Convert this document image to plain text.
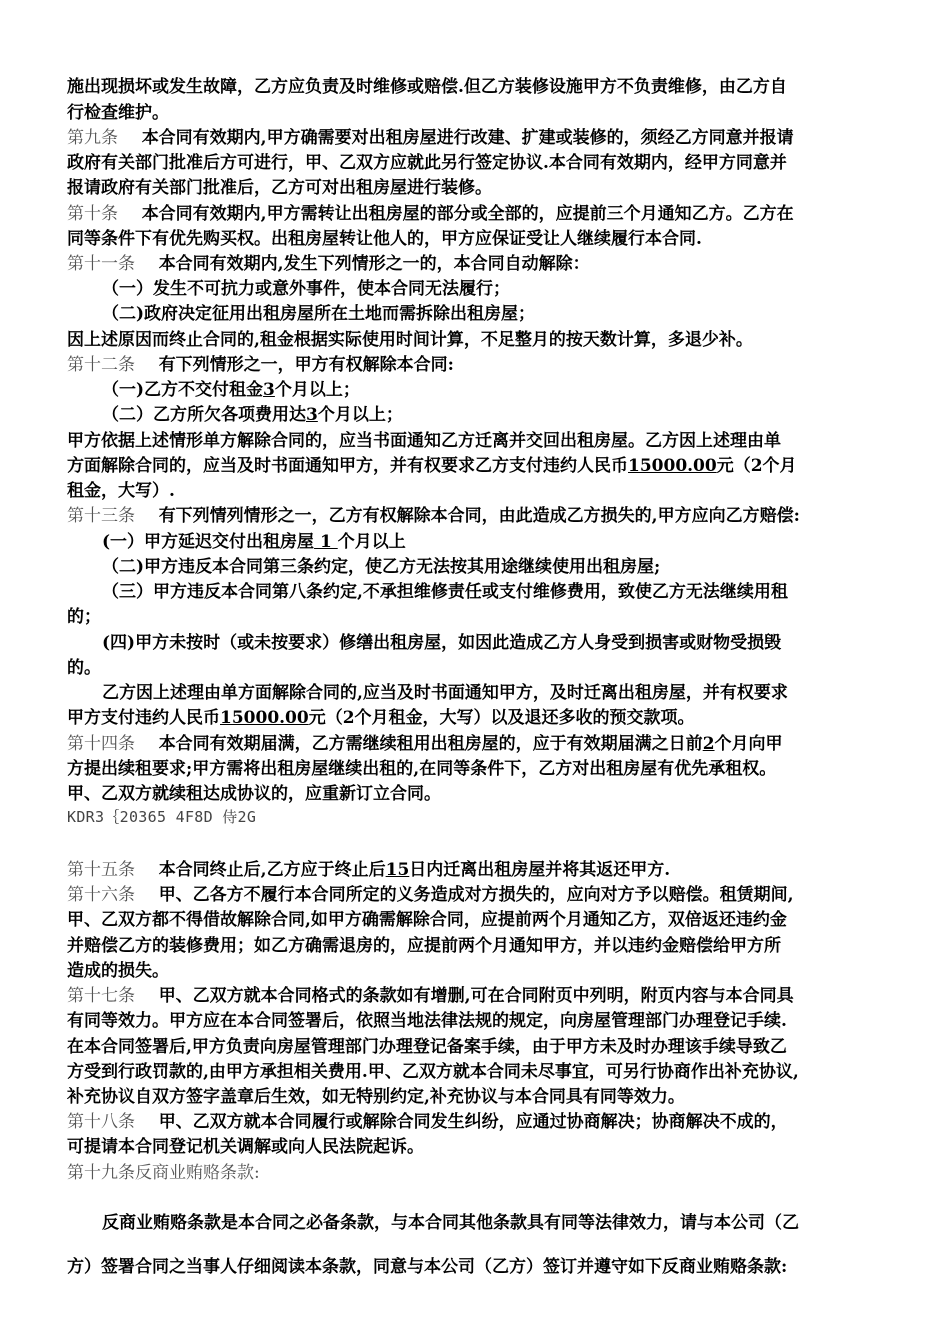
施出现损坏或发生故障，乙方应负责及时维修或赔偿.但乙方装修设施甲方不负责维修，由乙方自
行检查维护。
第九条 本合同有效期内,甲方确需要对出租房屋进行改建、扩建或装修的，须经乙方同意并报请
政府有关部门批准后方可进行，甲、乙双方应就此另行签定协议.本合同有效期内，经甲方同意并
报请政府有关部门批准后，乙方可对出租房屋进行装修。
第十条 本合同有效期内,甲方需转让出租房屋的部分或全部的，应提前三个月通知乙方。乙方在
同等条件下有优先购买权。出租房屋转让他人的，甲方应保证受让人继续履行本合同.
第十一条 本合同有效期内,发生下列情形之一的，本合同自动解除：
（一）发生不可抗力或意外事件，使本合同无法履行；
（二)政府决定征用出租房屋所在土地而需拆除出租房屋；
因上述原因而终止合同的,租金根据实际使用时间计算，不足整月的按天数计算，多退少补。
第十二条 有下列情形之一，甲方有权解除本合同:
（一)乙方不交付租金3个月以上；
（二）乙方所欠各项费用达3个月以上；
甲方依据上述情形单方解除合同的，应当书面通知乙方迁离并交回出租房屋。乙方因上述理由单
方面解除合同的，应当及时书面通知甲方，并有权要求乙方支付违约人民币15000.00元（2个月
租金，大写）.
第十三条 有下列情列情形之一，乙方有权解除本合同，由此造成乙方损失的,甲方应向乙方赔偿:
(一）甲方延迟交付出租房屋 1 个月以上
（二)甲方违反本合同第三条约定，使乙方无法按其用途继续使用出租房屋;
（三）甲方违反本合同第八条约定,不承担维修责任或支付维修费用，致使乙方无法继续用租
的；
(四)甲方未按时（或未按要求）修缮出租房屋，如因此造成乙方人身受到损害或财物受损毁
的。
乙方因上述理由单方面解除合同的,应当及时书面通知甲方，及时迁离出租房屋，并有权要求
甲方支付违约人民币15000.00元（2个月租金，大写）以及退还多收的预交款项。
第十四条 本合同有效期届满，乙方需继续租用出租房屋的，应于有效期届满之日前2个月向甲
方提出续租要求;甲方需将出租房屋继续出租的,在同等条件下，乙方对出租房屋有优先承租权。
甲、乙双方就续租达成协议的，应重新订立合同。
KDR3｛20365 4F8D 侍2G
第十五条 本合同终止后,乙方应于终止后15日内迁离出租房屋并将其返还甲方.
第十六条 甲、乙各方不履行本合同所定的义务造成对方损失的，应向对方予以赔偿。租赁期间,
甲、乙双方都不得借故解除合同,如甲方确需解除合同，应提前两个月通知乙方，双倍返还违约金
并赔偿乙方的装修费用；如乙方确需退房的，应提前两个月通知甲方，并以违约金赔偿给甲方所
造成的损失。
第十七条 甲、乙双方就本合同格式的条款如有增删,可在合同附页中列明，附页内容与本合同具
有同等效力。甲方应在本合同签署后，依照当地法律法规的规定，向房屋管理部门办理登记手续.
在本合同签署后,甲方负责向房屋管理部门办理登记备案手续，由于甲方未及时办理该手续导致乙
方受到行政罚款的,由甲方承担相关费用.甲、乙双方就本合同未尽事宜，可另行协商作出补充协议,
补充协议自双方签字盖章后生效，如无特别约定,补充协议与本合同具有同等效力。
第十八条 甲、乙双方就本合同履行或解除合同发生纠纷，应通过协商解决；协商解决不成的，
可提请本合同登记机关调解或向人民法院起诉。
第十九条反商业贿赂条款:
反商业贿赂条款是本合同之必备条款，与本合同其他条款具有同等法律效力，请与本公司（乙
方）签署合同之当事人仔细阅读本条款，同意与本公司（乙方）签订并遵守如下反商业贿赂条款:
